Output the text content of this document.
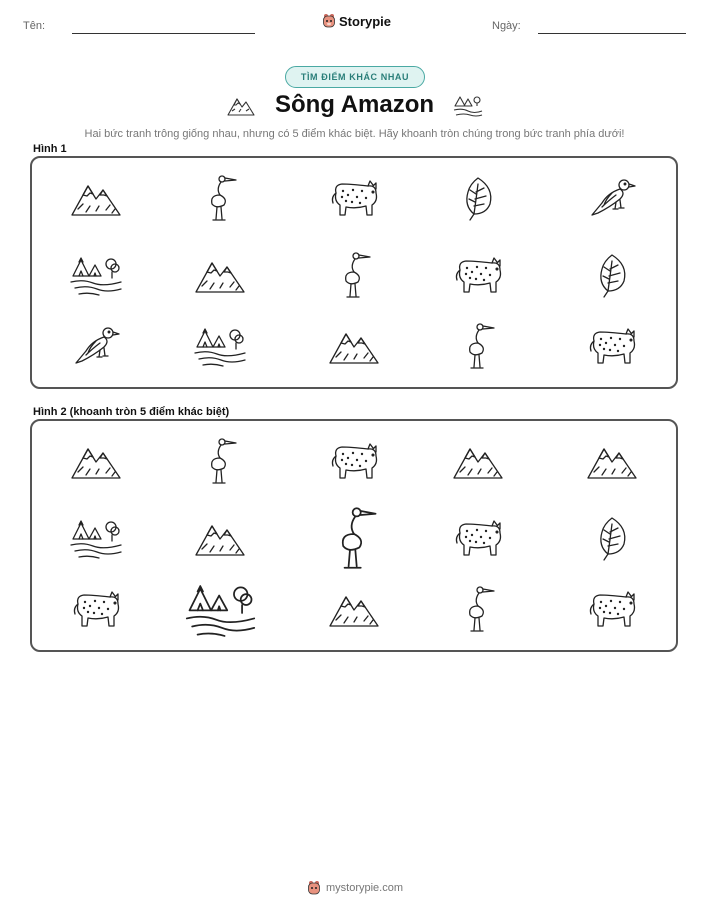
Tên:	Storypie	Ngày:
TÌM ĐIỂM KHÁC NHAU
Sông Amazon
Hai bức tranh trông giống nhau, nhưng có 5 điểm khác biệt. Hãy khoanh tròn chúng trong bức tranh phía dưới!
Hình 1
Hình 2 (khoanh tròn 5 điểm khác biệt)
mystorypie.com
